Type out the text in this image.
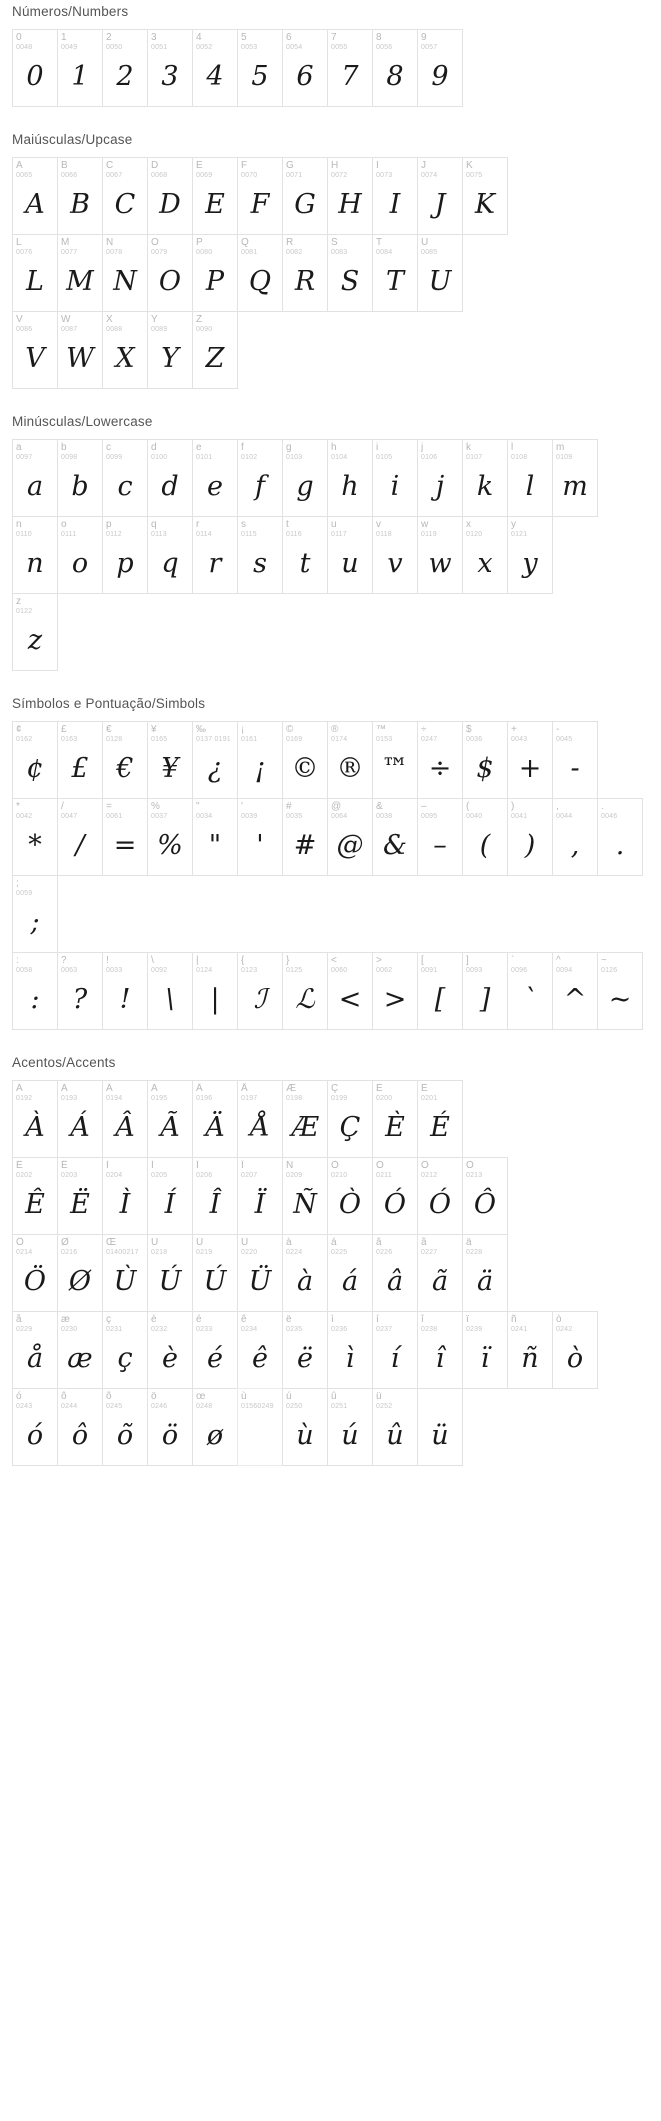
Números/Numbers
0
0048
0
1
0049
1
2
0050
2
3
0051
3
4
0052
4
5
0053
5
6
0054
6
7
0055
7
8
0056
8
9
0057
9
Maiúsculas/Upcase
A
0065
A
B
0066
B
C
0067
C
D
0068
D
E
0069
E
F
0070
F
G
0071
G
H
0072
H
I
0073
I
J
0074
J
K
0075
K
L
0076
L
M
0077
M
N
0078
N
O
0079
O
P
0080
P
Q
0081
Q
R
0082
R
S
0083
S
T
0084
T
U
0085
U
V
0086
V
W
0087
W
X
0088
X
Y
0089
Y
Z
0090
Z
Minúsculas/Lowercase
a
0097
a
b
0098
b
c
0099
c
d
0100
d
e
0101
e
f
0102
f
g
0103
g
h
0104
h
i
0105
i
j
0106
j
k
0107
k
l
0108
l
m
0109
m
n
0110
n
o
0111
o
p
0112
p
q
0113
q
r
0114
r
s
0115
s
t
0116
t
u
0117
u
v
0118
v
w
0119
w
x
0120
x
y
0121
y
z
0122
z
Símbolos e Pontuação/Simbols
¢
0162
¢
£
0163
£
€
0128
€
¥
0165
¥
‰
0137 0191
¿
¡
0161
¡
©
0169
©
®
0174
®
™
0153
™
÷
0247
÷
$
0036
$
+
0043
+
-
0045
-
*
0042
*
/
0047
/
=
0061
=
%
0037
%
"
0034
"
'
0039
'
#
0035
#
@
0064
@
&
0038
&
–
0095
–
(
0040
(
)
0041
)
,
0044
,
.
0046
.
;
0059
;
:
0058
:
?
0063
?
!
0033
!
\
0092
\
|
0124
|
{
0123
ℐ
}
0125
ℒ
<
0060
<
>
0062
>
[
0091
[
]
0093
]
`
0096
`
^
0094
^
~
0126
~
Acentos/Accents
À
0192
À
Á
0193
Á
Â
0194
Â
Ã
0195
Ã
Ä
0196
Ä
Å
0197
Å
Æ
0198
Æ
Ç
0199
Ç
È
0200
È
É
0201
É
Ê
0202
Ê
Ë
0203
Ë
Ì
0204
Ì
Í
0205
Í
Î
0206
Î
Ï
0207
Ï
Ñ
0209
Ñ
Ò
0210
Ò
Ó
0211
Ó
Ô
0212
Ó
Õ
0213
Ô
Ö
0214
Ö
Ø
0216
Ø
Œ
01400217
Ù
Ù
0218
Ú
Ú
0219
Ú
Û
0220
Ü
à
0224
à
á
0225
á
â
0226
â
ã
0227
ã
ä
0228
ä
å
0229
å
æ
0230
æ
ç
0231
ç
è
0232
è
é
0233
é
ê
0234
ê
ë
0235
ë
ì
0236
ì
í
0237
í
î
0238
î
ï
0239
ï
ñ
0241
ñ
ò
0242
ò
ó
0243
ó
ô
0244
ô
õ
0245
õ
ö
0246
ö
œ
0248
ø
ù
01560249
ú
0250
ù
û
0251
ú
ü
0252
û	ü
